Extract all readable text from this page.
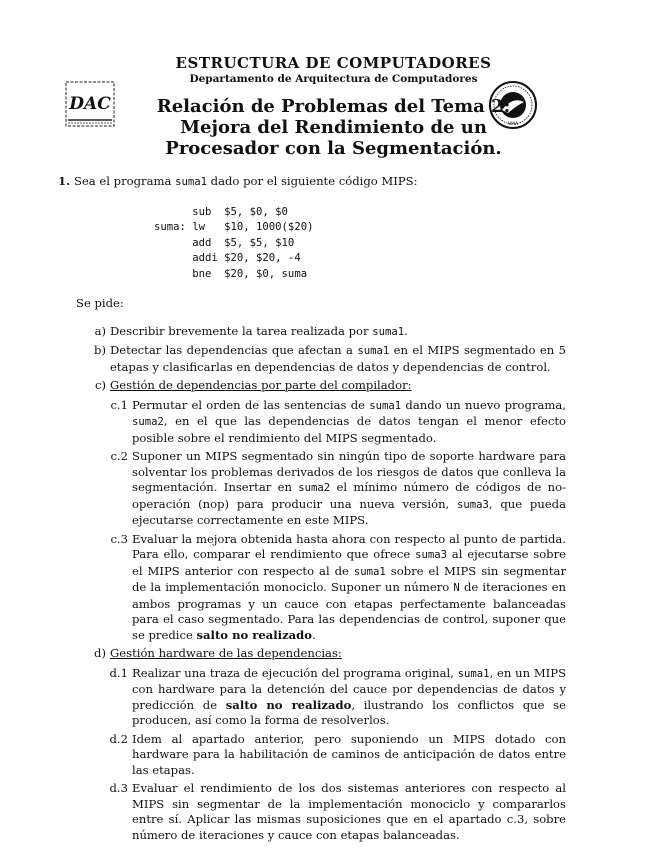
DAC
UMA
ESTRUCTURA DE COMPUTADORES
Departamento de Arquitectura de Computadores
Relación de Problemas del Tema 2:
Mejora del Rendimiento de un
Procesador con la Segmentación.
1. Sea el programa suma1 dado por el siguiente código MIPS:
sub  $5, $0, $0
suma: lw   $10, 1000($20)
add  $5, $5, $10
addi $20, $20, -4
bne  $20, $0, suma
Se pide:
a) Describir brevemente la tarea realizada por suma1.
b) Detectar las dependencias que afectan a suma1 en el MIPS segmentado en 5 etapas y clasificarlas en dependencias de datos y dependencias de control.
c) Gestión de dependencias por parte del compilador:
c.1 Permutar el orden de las sentencias de suma1 dando un nuevo programa, suma2, en el que las dependencias de datos tengan el menor efecto posible sobre el rendimiento del MIPS segmentado.
c.2 Suponer un MIPS segmentado sin ningún tipo de soporte hardware para solventar los problemas derivados de los riesgos de datos que conlleva la segmentación. Insertar en suma2 el mínimo número de códigos de no-operación (nop) para producir una nueva versión, suma3, que pueda ejecutarse correctamente en este MIPS.
c.3 Evaluar la mejora obtenida hasta ahora con respecto al punto de partida. Para ello, comparar el rendimiento que ofrece suma3 al ejecutarse sobre el MIPS anterior con respecto al de suma1 sobre el MIPS sin segmentar de la implementación monociclo. Suponer un número N de iteraciones en ambos programas y un cauce con etapas perfectamente balanceadas para el caso segmentado. Para las dependencias de control, suponer que se predice salto no realizado.
d) Gestión hardware de las dependencias:
d.1 Realizar una traza de ejecución del programa original, suma1, en un MIPS con hardware para la detención del cauce por dependencias de datos y predicción de salto no realizado, ilustrando los conflictos que se producen, así como la forma de resolverlos.
d.2 Idem al apartado anterior, pero suponiendo un MIPS dotado con hardware para la habilitación de caminos de anticipación de datos entre las etapas.
d.3 Evaluar el rendimiento de los dos sistemas anteriores con respecto al MIPS sin segmentar de la implementación monociclo y compararlos entre sí. Aplicar las mismas suposiciones que en el apartado c.3, sobre número de iteraciones y cauce con etapas balanceadas.
